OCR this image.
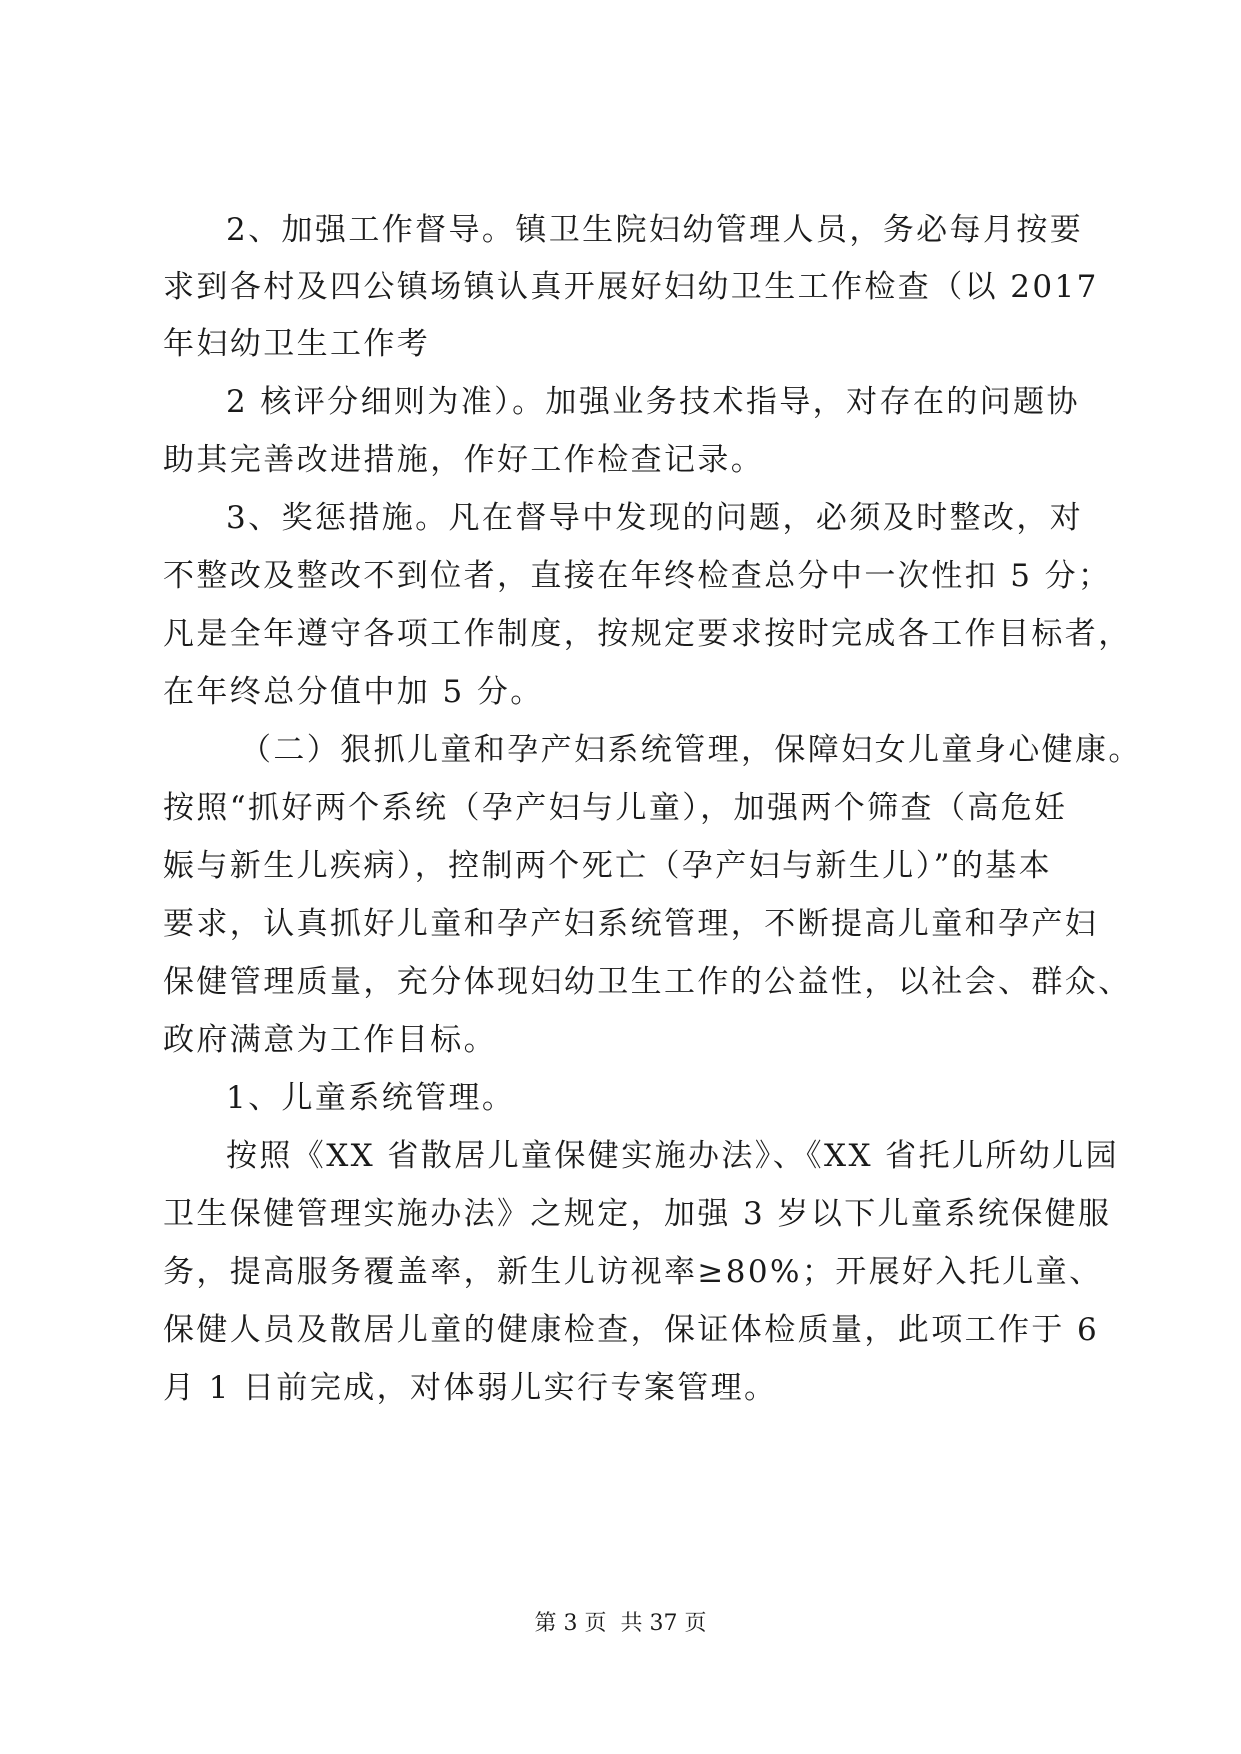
2、加强工作督导。镇卫生院妇幼管理人员，务必每月按要
求到各村及四公镇场镇认真开展好妇幼卫生工作检查（以 2017
年妇幼卫生工作考
2 核评分细则为准）。加强业务技术指导，对存在的问题协
助其完善改进措施，作好工作检查记录。
3、奖惩措施。凡在督导中发现的问题，必须及时整改，对
不整改及整改不到位者，直接在年终检查总分中一次性扣 5 分；
凡是全年遵守各项工作制度，按规定要求按时完成各工作目标者，
在年终总分值中加 5 分。
（二）狠抓儿童和孕产妇系统管理，保障妇女儿童身心健康。
按照“抓好两个系统（孕产妇与儿童），加强两个筛查（高危妊
娠与新生儿疾病），控制两个死亡（孕产妇与新生儿）”的基本
要求，认真抓好儿童和孕产妇系统管理，不断提高儿童和孕产妇
保健管理质量，充分体现妇幼卫生工作的公益性，以社会、群众、
政府满意为工作目标。
1、儿童系统管理。
按照《XX 省散居儿童保健实施办法》、《XX 省托儿所幼儿园
卫生保健管理实施办法》之规定，加强 3 岁以下儿童系统保健服
务，提高服务覆盖率，新生儿访视率≥80%；开展好入托儿童、
保健人员及散居儿童的健康检查，保证体检质量，此项工作于 6
月 1 日前完成，对体弱儿实行专案管理。
第 3 页  共 37 页
